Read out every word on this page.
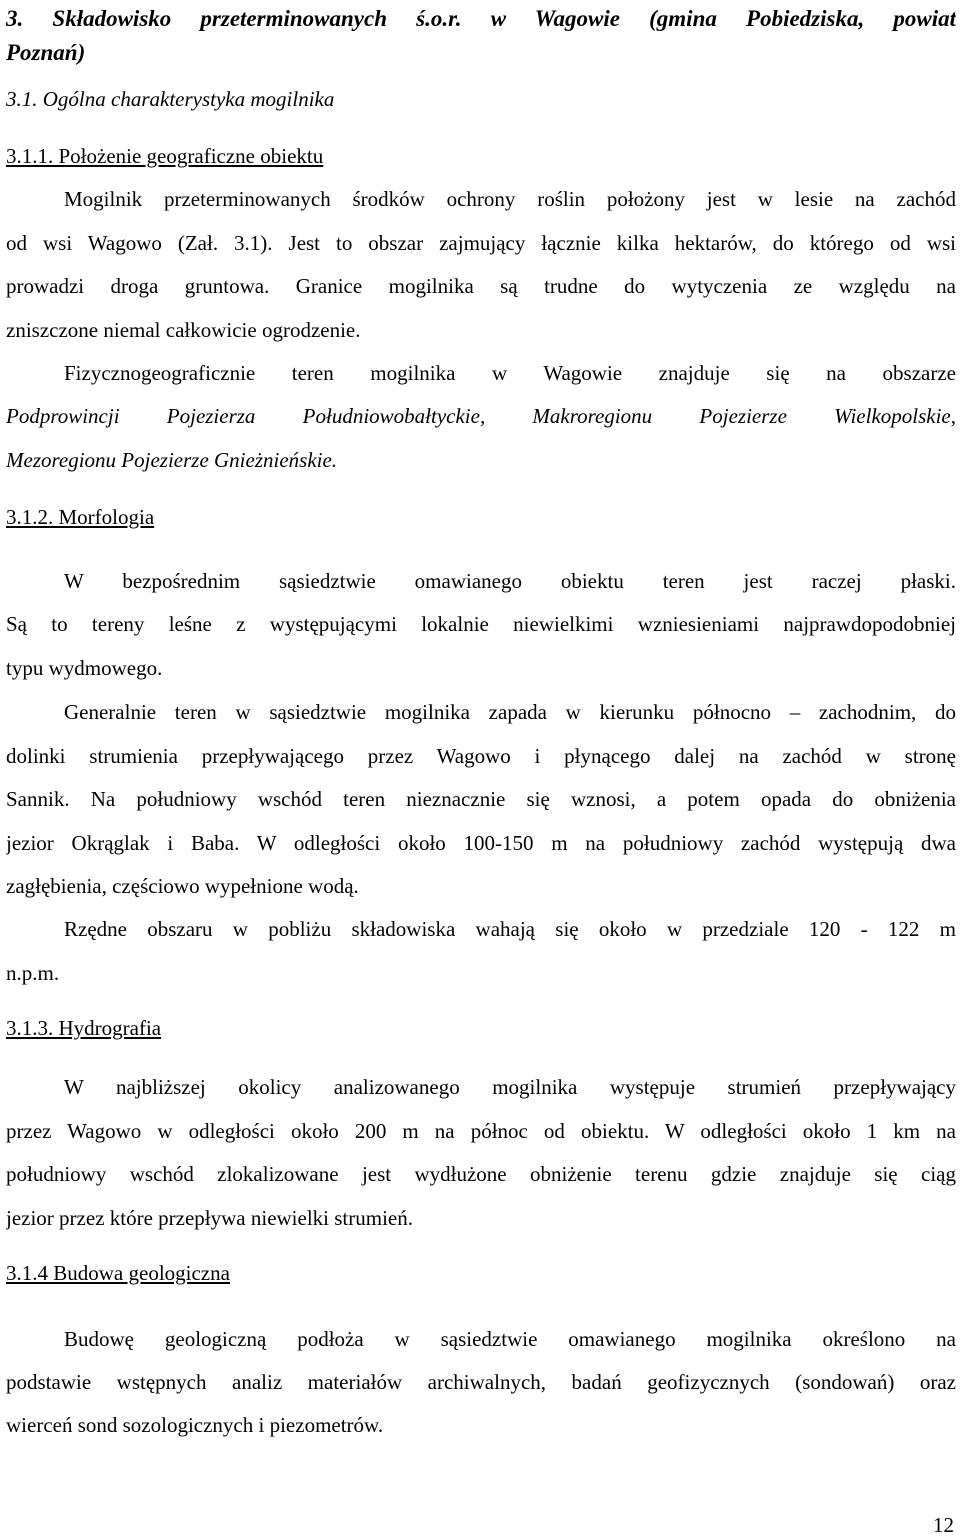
3. Składowisko przeterminowanych ś.o.r. w Wagowie (gmina Pobiedziska, powiat
Poznań)
3.1. Ogólna charakterystyka mogilnika
3.1.1. Położenie geograficzne obiektu
Mogilnik przeterminowanych środków ochrony roślin położony jest w lesie na zachód
od wsi Wagowo (Zał. 3.1). Jest to obszar zajmujący łącznie kilka hektarów, do którego od wsi
prowadzi droga gruntowa. Granice mogilnika są trudne do wytyczenia ze względu na
zniszczone niemal całkowicie ogrodzenie.
Fizycznogeograficznie teren mogilnika w Wagowie znajduje się na obszarze
Podprowincji Pojezierza Południowobałtyckie, Makroregionu Pojezierze Wielkopolskie,
Mezoregionu Pojezierze Gnieżnieńskie.
3.1.2. Morfologia
W bezpośrednim sąsiedztwie omawianego obiektu teren jest raczej płaski.
Są to tereny leśne z występującymi lokalnie niewielkimi wzniesieniami najprawdopodobniej
typu wydmowego.
Generalnie teren w sąsiedztwie mogilnika zapada w kierunku północno – zachodnim, do
dolinki strumienia przepływającego przez Wagowo i płynącego dalej na zachód w stronę
Sannik. Na południowy wschód teren nieznacznie się wznosi, a potem opada do obniżenia
jezior Okrąglak i Baba. W odległości około 100-150 m na południowy zachód występują dwa
zagłębienia, częściowo wypełnione wodą.
Rzędne obszaru w pobliżu składowiska wahają się około w przedziale 120 - 122 m
n.p.m.
3.1.3. Hydrografia
W najbliższej okolicy analizowanego mogilnika występuje strumień przepływający
przez Wagowo w odległości około 200 m na północ od obiektu. W odległości około 1 km na
południowy wschód zlokalizowane jest wydłużone obniżenie terenu gdzie znajduje się ciąg
jezior przez które przepływa niewielki strumień.
3.1.4 Budowa geologiczna
Budowę geologiczną podłoża w sąsiedztwie omawianego mogilnika określono na
podstawie wstępnych analiz materiałów archiwalnych, badań geofizycznych (sondowań) oraz
wierceń sond sozologicznych i piezometrów.
12
